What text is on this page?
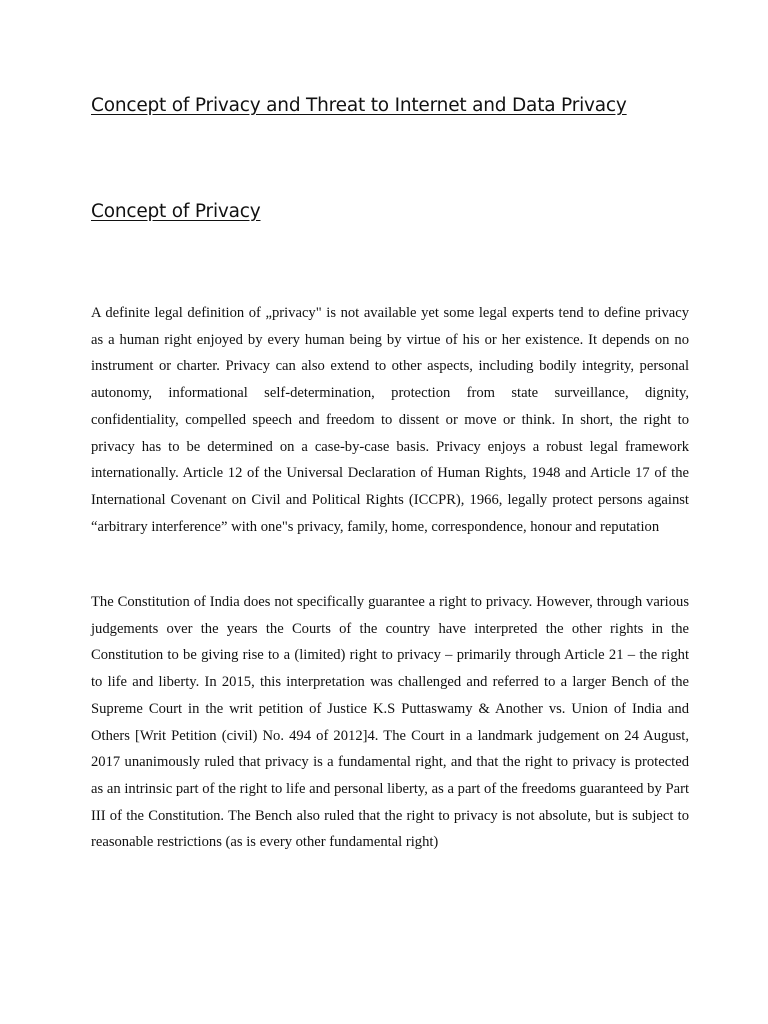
Concept of Privacy and Threat to Internet and Data Privacy
Concept of Privacy

A definite legal definition of „privacy" is not available yet some legal experts tend to define privacy as a human right enjoyed by every human being by virtue of his or her existence. It depends on no instrument or charter. Privacy can also extend to other aspects, including bodily integrity, personal autonomy, informational self-determination, protection from state surveillance, dignity, confidentiality, compelled speech and freedom to dissent or move or think. In short, the right to privacy has to be determined on a case-by-case basis. Privacy enjoys a robust legal framework internationally. Article 12 of the Universal Declaration of Human Rights, 1948 and Article 17 of the International Covenant on Civil and Political Rights (ICCPR), 1966, legally protect persons against “arbitrary interference” with one"s privacy, family, home, correspondence, honour and reputation

The Constitution of India does not specifically guarantee a right to privacy. However, through various judgements over the years the Courts of the country have interpreted the other rights in the Constitution to be giving rise to a (limited) right to privacy – primarily through Article 21 – the right to life and liberty. In 2015, this interpretation was challenged and referred to a larger Bench of the Supreme Court in the writ petition of Justice K.S Puttaswamy & Another vs. Union of India and Others [Writ Petition (civil) No. 494 of 2012]4. The Court in a landmark judgement on 24 August, 2017 unanimously ruled that privacy is a fundamental right, and that the right to privacy is protected as an intrinsic part of the right to life and personal liberty, as a part of the freedoms guaranteed by Part III of the Constitution. The Bench also ruled that the right to privacy is not absolute, but is subject to reasonable restrictions (as is every other fundamental right)
